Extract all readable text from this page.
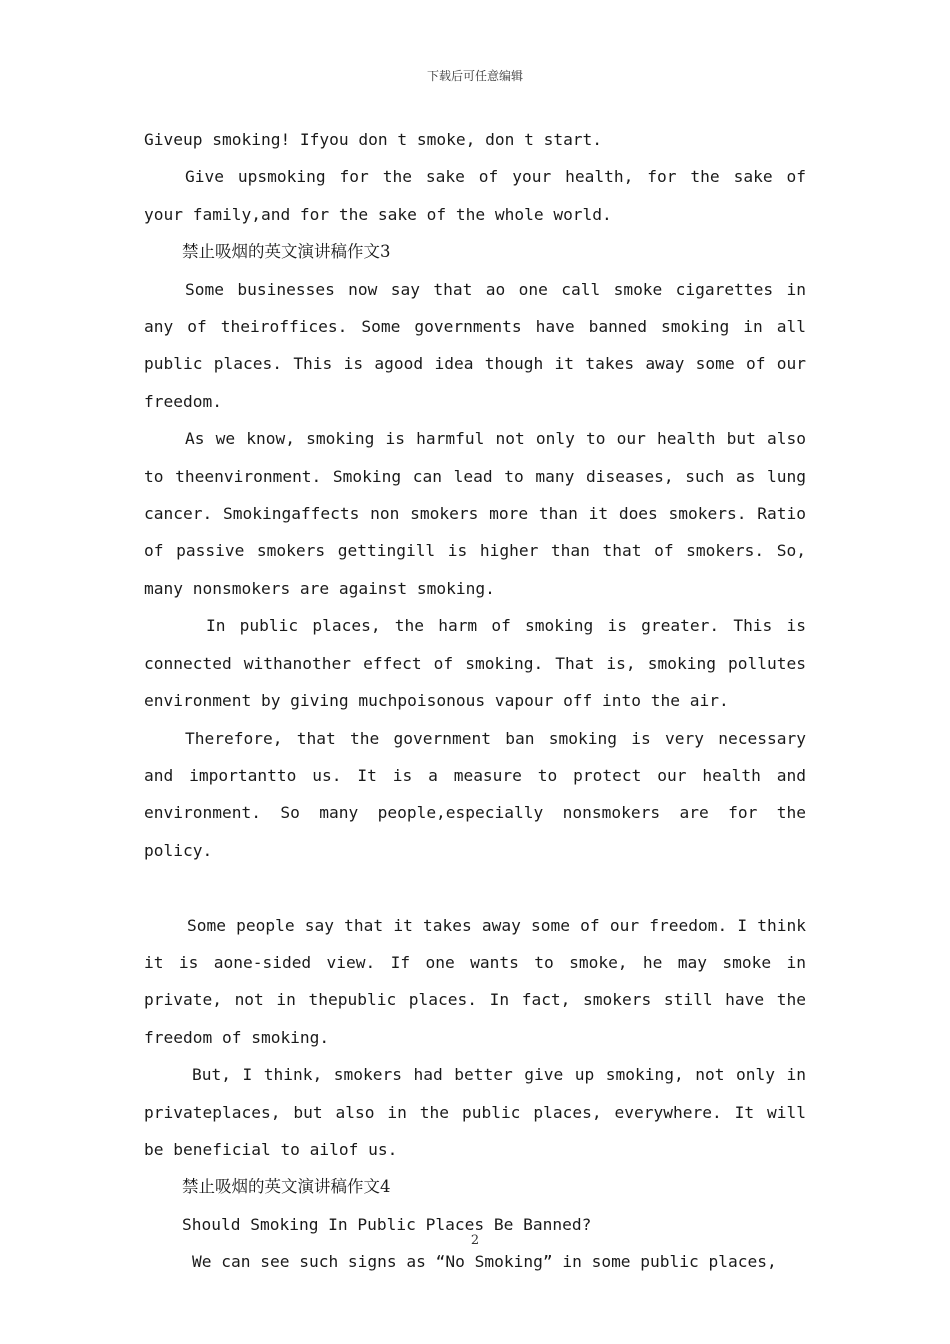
下载后可任意编辑

Giveup smoking! Ifyou don t smoke, don t start.

Give upsmoking for the sake of your health, for the sake of your family,and for the sake of the whole world.

禁止吸烟的英文演讲稿作文3

Some businesses now say that ao one call smoke cigarettes in any of theiroffices. Some governments have banned smoking in all public places. This is agood idea though it takes away some of our freedom.

As we know, smoking is harmful not only to our health but also to theenvironment. Smoking can lead to many diseases, such as lung cancer. Smokingaffects non smokers more than it does smokers. Ratio of passive smokers gettingill is higher than that of smokers. So, many nonsmokers are against smoking.

In public places, the harm of smoking is greater. This is connected withanother effect of smoking. That is, smoking pollutes environment by giving muchpoisonous vapour off into the air.

Therefore, that the government ban smoking is very necessary and importantto us. It is a measure to protect our health and environment. So many people,especially nonsmokers are for the policy.

Some people say that it takes away some of our freedom. I think it is aone-sided view. If one wants to smoke, he may smoke in private, not in thepublic places. In fact, smokers still have the freedom of smoking.

But, I think, smokers had better give up smoking, not only in privateplaces, but also in the public places, everywhere. It will be beneficial to ailof us.

禁止吸烟的英文演讲稿作文4

Should Smoking In Public Places Be Banned?

We can see such signs as “No Smoking” in some public places,

2
